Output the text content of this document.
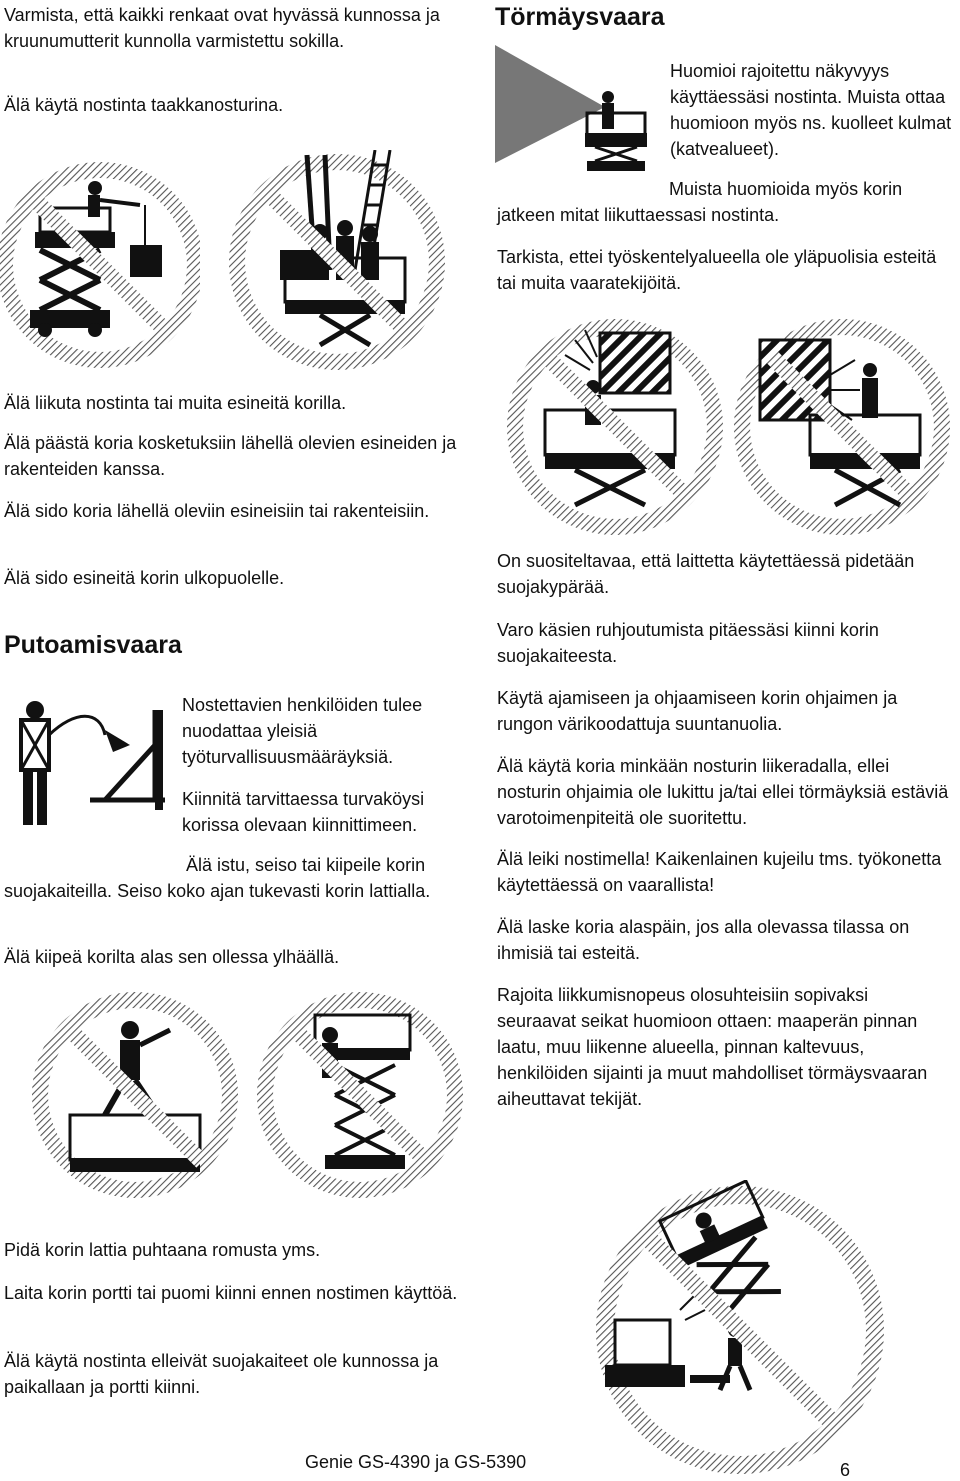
Varmista, että kaikki renkaat ovat hyvässä kunnossa ja kruunumutterit kunnolla varmistettu sokilla.

Älä käytä nostinta taakkanosturina.

Törmäysvaara

Huomioi rajoitettu näkyvyys käyttäessäsi nostinta. Muista ottaa huomioon myös ns. kuolleet kulmat (katvealueet).

Muista huomioida myös korin jatkeen mitat liikuttaessasi nostinta.

Tarkista, ettei työskentelyalueella ole yläpuolisia esteitä tai muita vaaratekijöitä.

Älä liikuta nostinta tai muita esineitä korilla.

Älä päästä koria kosketuksiin lähellä olevien esineiden ja rakenteiden kanssa.

Älä sido koria lähellä oleviin esineisiin tai rakenteisiin.

Älä sido esineitä korin ulkopuolelle.

Putoamisvaara

Nostettavien henkilöiden tulee nuodattaa yleisiä työturvallisuusmääräyksiä.

Kiinnitä tarvittaessa turvaköysi korissa olevaan kiinnittimeen.

Älä istu, seiso tai kiipeile korin suojakaiteilla. Seiso koko ajan tukevasti korin lattialla.

Älä kiipeä korilta alas sen ollessa ylhäällä.

On suositeltavaa, että laittetta käytettäessä pidetään suojakypärää.

Varo käsien ruhjoutumista pitäessäsi kiinni korin suojakaiteesta.

Käytä ajamiseen ja ohjaamiseen korin ohjaimen ja rungon värikoodattuja suuntanuolia.

Älä käytä koria minkään nosturin liikeradalla, ellei nosturin ohjaimia ole lukittu ja/tai ellei törmäyksiä estäviä varotoimenpiteitä ole suoritettu.

Älä leiki nostimella! Kaikenlainen kujeilu tms. työkonetta käytettäessä on vaarallista!

Älä laske koria alaspäin, jos alla olevassa tilassa on ihmisiä tai esteitä.

Rajoita liikkumisnopeus olosuhteisiin sopivaksi seuraavat seikat huomioon ottaen: maaperän pinnan laatu, muu liikenne alueella, pinnan kaltevuus, henkilöiden sijainti ja muut mahdolliset törmäysvaaran aiheuttavat tekijät.

Pidä korin lattia puhtaana romusta yms.

Laita korin portti tai puomi kiinni ennen nostimen käyttöä.

Älä käytä nostinta elleivät suojakaiteet ole kunnossa ja paikallaan ja portti kiinni.

Genie GS-4390 ja GS-5390	6
